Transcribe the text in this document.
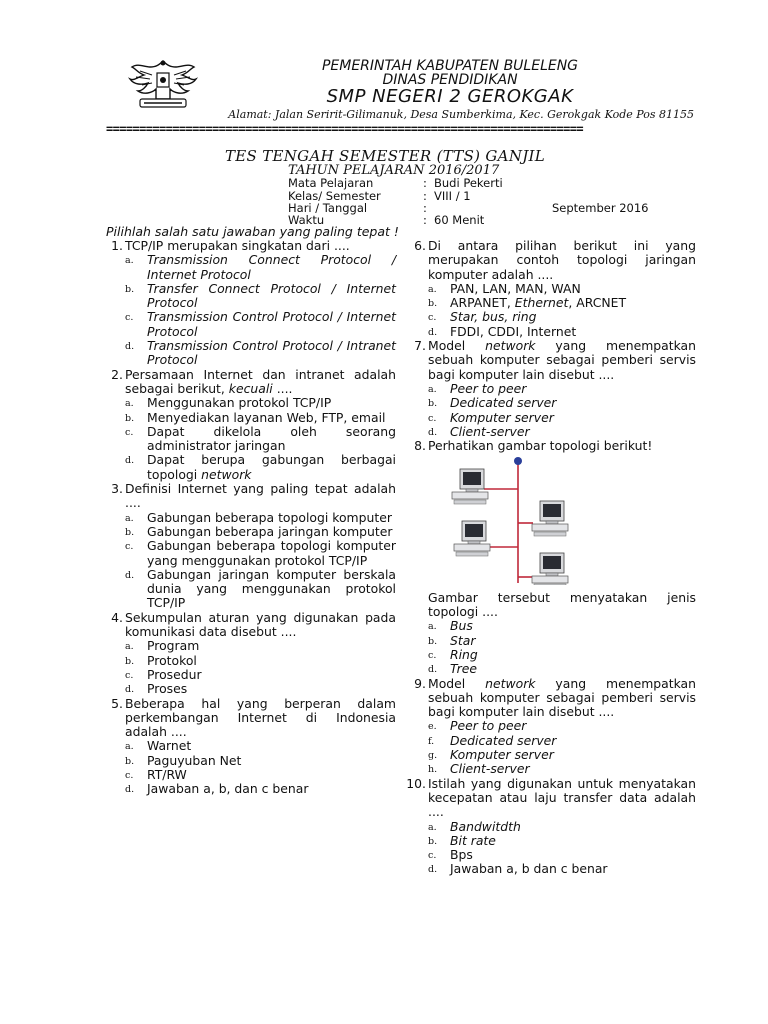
PEMERINTAH KABUPATEN BULELENG
DINAS PENDIDIKAN
SMP NEGERI 2 GEROKGAK
Alamat: Jalan Seririt-Gilimanuk, Desa Sumberkima, Kec. Gerokgak Kode Pos 81155
========================================================================
TES TENGAH SEMESTER (TTS) GANJIL
TAHUN PELAJARAN 2016/2017
Mata Pelajaran	: Budi Pekerti
Kelas/ Semester	: VIII / 1
Hari / Tanggal	:	September 2016
Waktu	: 60 Menit
Pilihlah salah satu jawaban yang paling tepat !
1. TCP/IP merupakan singkatan dari ....
a. Transmission Connect Protocol / Internet Protocol
b. Transfer Connect Protocol / Internet Protocol
c. Transmission Control Protocol / Internet Protocol
d. Transmission Control Protocol / Intranet Protocol
2. Persamaan Internet dan intranet adalah sebagai berikut, kecuali ....
a. Menggunakan protokol TCP/IP
b. Menyediakan layanan Web, FTP, email
c. Dapat dikelola oleh seorang administrator jaringan
d. Dapat berupa gabungan berbagai topologi network
3. Definisi Internet yang paling tepat adalah ....
a. Gabungan beberapa topologi komputer
b. Gabungan beberapa jaringan komputer
c. Gabungan beberapa topologi komputer yang menggunakan protokol TCP/IP
d. Gabungan jaringan komputer berskala dunia yang menggunakan protokol TCP/IP
4. Sekumpulan aturan yang digunakan pada komunikasi data disebut ....
a. Program
b. Protokol
c. Prosedur
d. Proses
5. Beberapa hal yang berperan dalam perkembangan Internet di Indonesia adalah ....
a. Warnet
b. Paguyuban Net
c. RT/RW
d. Jawaban a, b, dan c benar
6. Di antara pilihan berikut ini yang merupakan contoh topologi jaringan komputer adalah ....
a. PAN, LAN, MAN, WAN
b. ARPANET, Ethernet, ARCNET
c. Star, bus, ring
d. FDDI, CDDI, Internet
7. Model network yang menempatkan sebuah komputer sebagai pemberi servis bagi komputer lain disebut ....
a. Peer to peer
b. Dedicated server
c. Komputer server
d. Client-server
8. Perhatikan gambar topologi berikut!
Gambar tersebut menyatakan jenis topologi ....
a. Bus
b. Star
c. Ring
d. Tree
9. Model network yang menempatkan sebuah komputer sebagai pemberi servis bagi komputer lain disebut ....
e. Peer to peer
f. Dedicated server
g. Komputer server
h. Client-server
10. Istilah yang digunakan untuk menyatakan kecepatan atau laju transfer data adalah ....
a. Bandwitdth
b. Bit rate
c. Bps
d. Jawaban a, b dan c benar
